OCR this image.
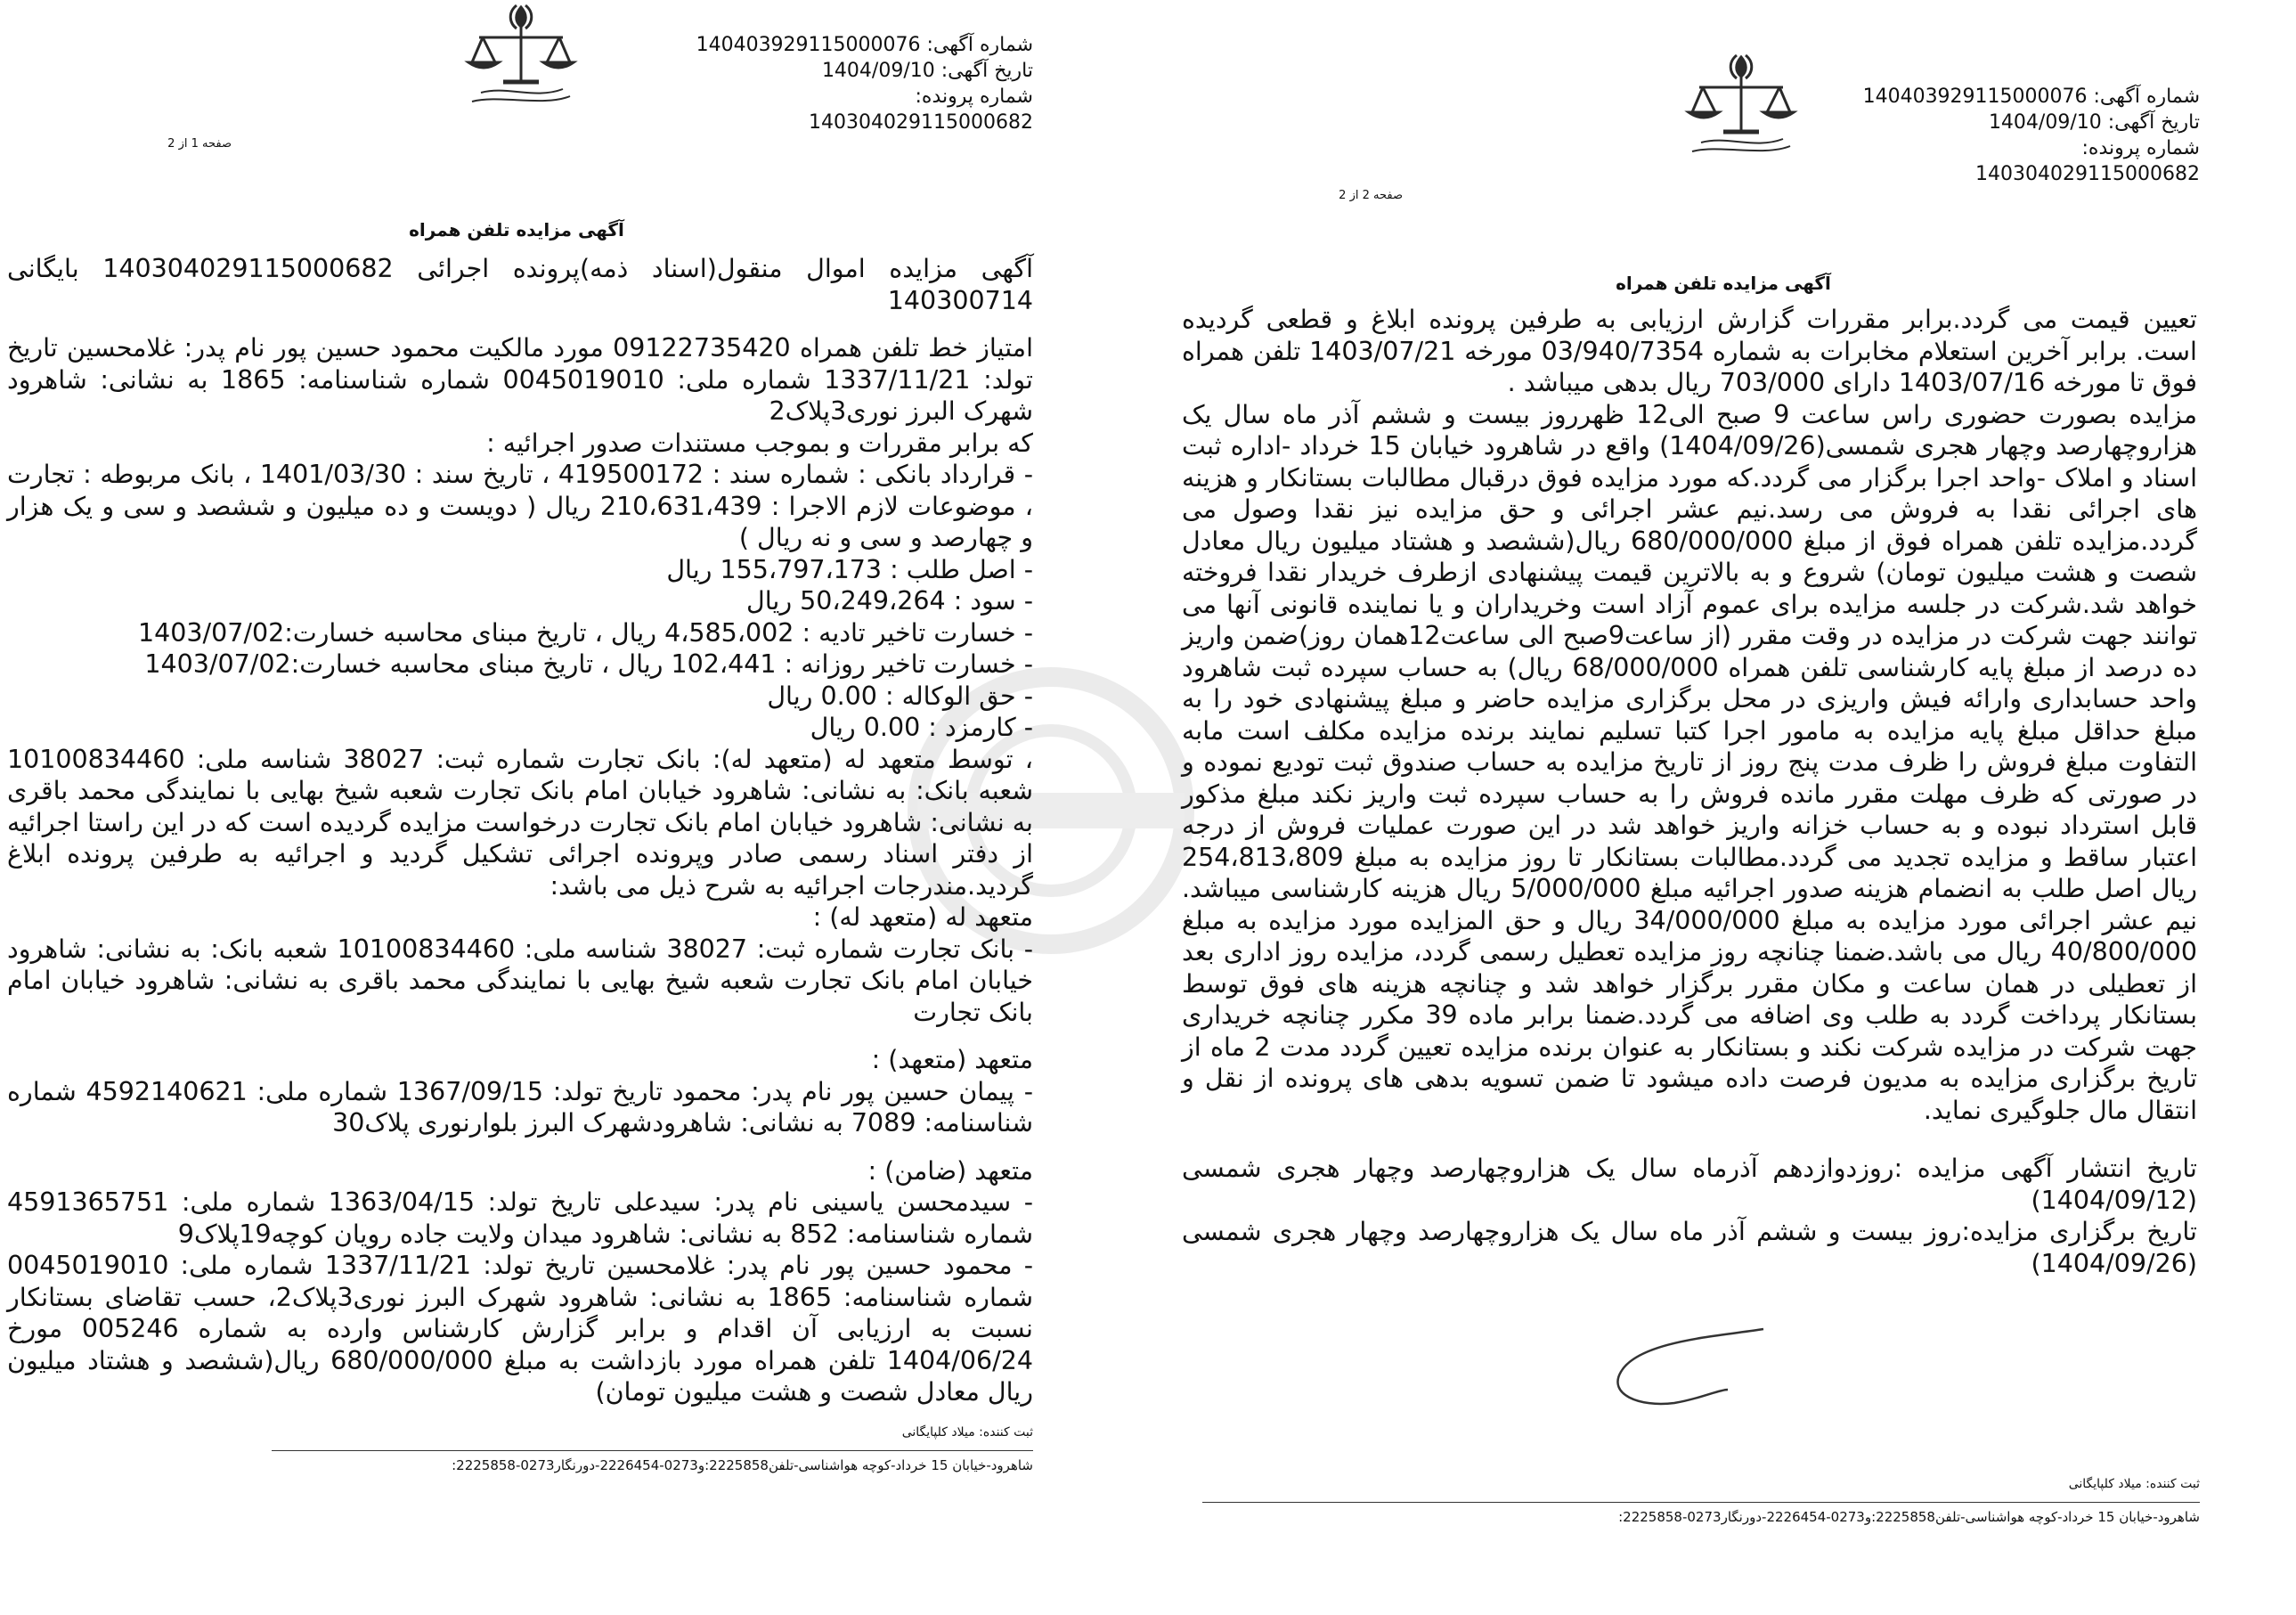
شماره آگهی: 140403929115000076
تاریخ آگهی: 1404/09/10
شماره پرونده: 140304029115000682
صفحه 1 از 2
آگهی مزایده تلفن همراه

آگهی مزایده اموال منقول(اسناد ذمه)پرونده اجرائی 140304029115000682 بایگانی 140300714

امتیاز خط تلفن همراه 09122735420 مورد مالکیت محمود حسین پور نام پدر: غلامحسین تاریخ تولد: 1337/11/21 شماره ملی: 0045019010 شماره شناسنامه: 1865 به نشانی: شاهرود شهرک البرز نوری3پلاک2

که برابر مقررات و بموجب مستندات صدور اجرائیه :

- قرارداد بانکی : شماره سند : 419500172 ، تاریخ سند : 1401/03/30 ، بانک مربوطه : تجارت ، موضوعات لازم الاجرا : 210،631،439 ریال ( دویست و ده میلیون و ششصد و سی و یک هزار و چهارصد و سی و نه ریال )

- اصل طلب : 155،797،173 ریال

- سود : 50،249،264 ریال

- خسارت تاخیر تادیه : 4،585،002 ریال ، تاریخ مبنای محاسبه خسارت:1403/07/02

- خسارت تاخیر روزانه : 102،441 ریال ، تاریخ مبنای محاسبه خسارت:1403/07/02

- حق الوکاله : 0.00 ریال

- کارمزد : 0.00 ریال

، توسط متعهد له (متعهد له): بانک تجارت شماره ثبت: 38027 شناسه ملی: 10100834460 شعبه بانک: به نشانی: شاهرود خیابان امام بانک تجارت شعبه شیخ بهایی با نمایندگی محمد باقری به نشانی: شاهرود خیابان امام بانک تجارت درخواست مزایده گردیده است که در این راستا اجرائیه از دفتر اسناد رسمی صادر وپرونده اجرائی تشکیل گردید و اجرائیه به طرفین پرونده ابلاغ گردید.مندرجات اجرائیه به شرح ذیل می باشد:

متعهد له (متعهد له) :

- بانک تجارت شماره ثبت: 38027 شناسه ملی: 10100834460 شعبه بانک: به نشانی: شاهرود خیابان امام بانک تجارت شعبه شیخ بهایی با نمایندگی محمد باقری به نشانی: شاهرود خیابان امام بانک تجارت

متعهد (متعهد) :

- پیمان حسین پور نام پدر: محمود تاریخ تولد: 1367/09/15 شماره ملی: 4592140621 شماره شناسنامه: 7089 به نشانی: شاهرودشهرک البرز بلوارنوری پلاک30

متعهد (ضامن) :

- سیدمحسن یاسینی نام پدر: سیدعلی تاریخ تولد: 1363/04/15 شماره ملی: 4591365751 شماره شناسنامه: 852 به نشانی: شاهرود میدان ولایت جاده رویان کوچه19پلاک9

- محمود حسین پور نام پدر: غلامحسین تاریخ تولد: 1337/11/21 شماره ملی: 0045019010 شماره شناسنامه: 1865 به نشانی: شاهرود شهرک البرز نوری3پلاک2، حسب تقاضای بستانکار نسبت به ارزیابی آن اقدام و برابر گزارش کارشناس وارده به شماره 005246 مورخ 1404/06/24 تلفن همراه مورد بازداشت به مبلغ 680/000/000 ریال(ششصد و هشتاد میلیون ریال معادل شصت و هشت میلیون تومان)

ثبت کننده: میلاد کلپایگانی
شاهرود-خیابان 15 خرداد-کوچه هواشناسی-تلفن2225858:و0273-2226454-دورنگار0273-2225858:
شماره آگهی: 140403929115000076
تاریخ آگهی: 1404/09/10
شماره پرونده: 140304029115000682
صفحه 2 از 2
آگهی مزایده تلفن همراه

تعیین قیمت می گردد.برابر مقررات گزارش ارزیابی به طرفین پرونده ابلاغ و قطعی گردیده است. برابر آخرین استعلام مخابرات به شماره 03/940/7354 مورخه 1403/07/21 تلفن همراه فوق تا مورخه 1403/07/16 دارای 703/000 ریال بدهی میباشد .

مزایده بصورت حضوری راس ساعت 9 صبح الی12 ظهرروز بیست و ششم آذر ماه سال یک هزاروچهارصد وچهار هجری شمسی(1404/09/26) واقع در شاهرود خیابان 15 خرداد -اداره ثبت اسناد و املاک -واحد اجرا برگزار می گردد.که مورد مزایده فوق درقبال مطالبات بستانکار و هزینه های اجرائی نقدا به فروش می رسد.نیم عشر اجرائی و حق مزایده نیز نقدا وصول می گردد.مزایده تلفن همراه فوق از مبلغ 680/000/000 ریال(ششصد و هشتاد میلیون ریال معادل شصت و هشت میلیون تومان) شروع و به بالاترین قیمت پیشنهادی ازطرف خریدار نقدا فروخته خواهد شد.شرکت در جلسه مزایده برای عموم آزاد است وخریداران و یا نماینده قانونی آنها می توانند جهت شرکت در مزایده در وقت مقرر (از ساعت9صبح الی ساعت12همان روز)ضمن واریز ده درصد از مبلغ پایه کارشناسی تلفن همراه 68/000/000 ریال) به حساب سپرده ثبت شاهرود واحد حسابداری وارائه فیش واریزی در محل برگزاری مزایده حاضر و مبلغ پیشنهادی خود را به مبلغ حداقل مبلغ پایه مزایده به مامور اجرا کتبا تسلیم نمایند برنده مزایده مکلف است مابه التفاوت مبلغ فروش را ظرف مدت پنج روز از تاریخ مزایده به حساب صندوق ثبت تودیع نموده و در صورتی که ظرف مهلت مقرر مانده فروش را به حساب سپرده ثبت واریز نکند مبلغ مذکور قابل استرداد نبوده و به حساب خزانه واریز خواهد شد در این صورت عملیات فروش از درجه اعتبار ساقط و مزایده تجدید می گردد.مطالبات بستانکار تا روز مزایده به مبلغ 254،813،809 ریال اصل طلب به انضمام هزینه صدور اجرائیه مبلغ 5/000/000 ریال هزینه کارشناسی میباشد. نیم عشر اجرائی مورد مزایده به مبلغ 34/000/000 ریال و حق المزایده مورد مزایده به مبلغ 40/800/000 ریال می باشد.ضمنا چنانچه روز مزایده تعطیل رسمی گردد، مزایده روز اداری بعد از تعطیلی در همان ساعت و مکان مقرر برگزار خواهد شد و چنانچه هزینه های فوق توسط بستانکار پرداخت گردد به طلب وی اضافه می گردد.ضمنا برابر ماده 39 مکرر چنانچه خریداری جهت شرکت در مزایده شرکت نکند و بستانکار به عنوان برنده مزایده تعیین گردد مدت 2 ماه از تاریخ برگزاری مزایده به مدیون فرصت داده میشود تا ضمن تسویه بدهی های پرونده از نقل و انتقال مال جلوگیری نماید.

تاریخ انتشار آگهی مزایده :روزدوازدهم آذرماه سال یک هزاروچهارصد وچهار هجری شمسی (1404/09/12)

تاریخ برگزاری مزایده:روز بیست و ششم آذر ماه سال یک هزاروچهارصد وچهار هجری شمسی (1404/09/26)

ثبت کننده: میلاد کلپایگانی
شاهرود-خیابان 15 خرداد-کوچه هواشناسی-تلفن2225858:و0273-2226454-دورنگار0273-2225858:
